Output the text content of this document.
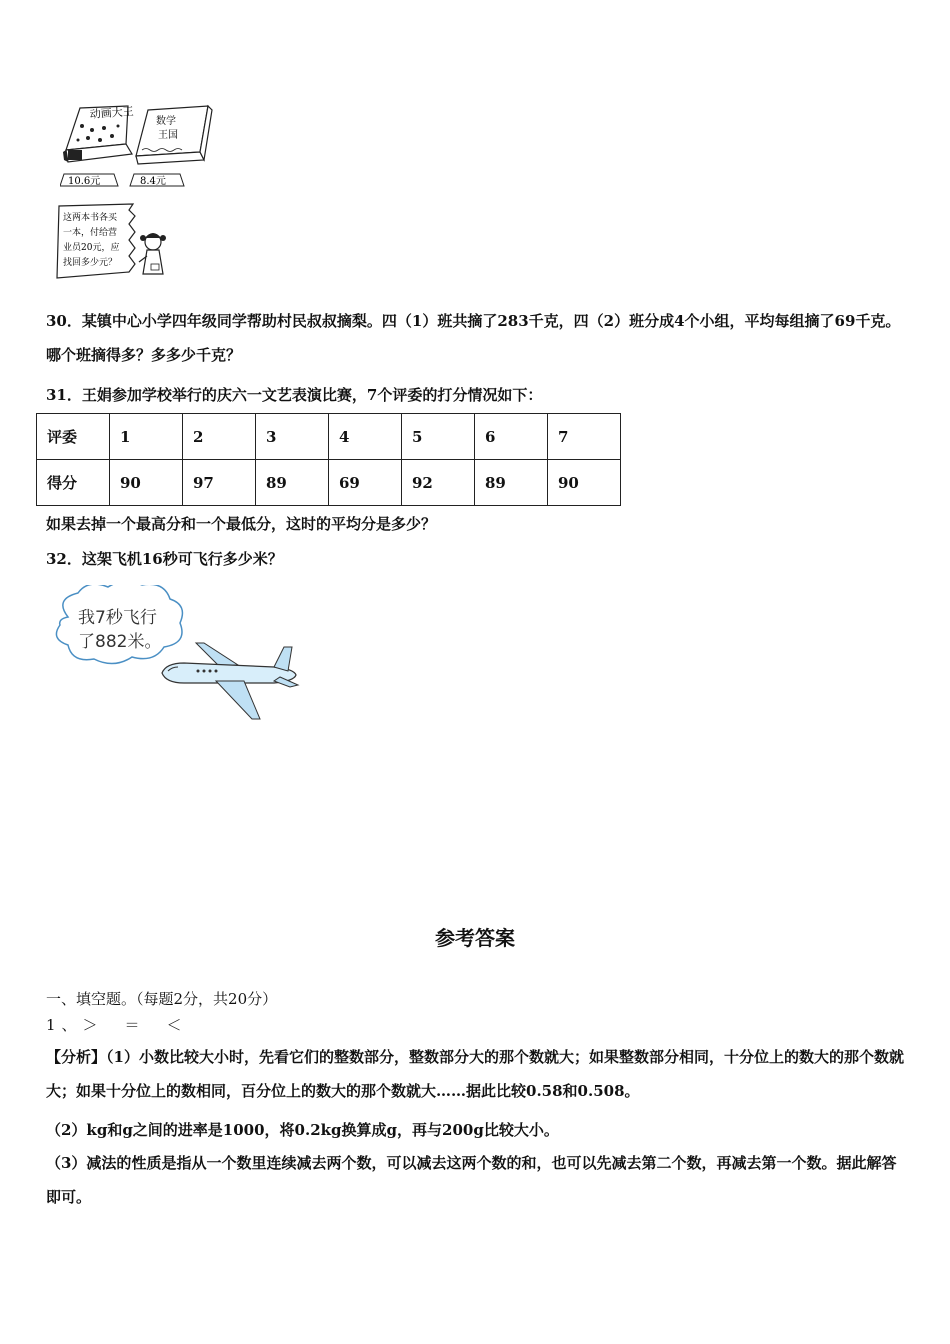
动画大王
数学
王国
10.6元	8.4元
这两本书各买
一本，付给营
业员20元，应
找回多少元？
30．某镇中心小学四年级同学帮助村民叔叔摘梨。四（1）班共摘了283千克，四（2）班分成4个小组，平均每组摘了69千克。哪个班摘得多？多多少千克？
31．王娟参加学校举行的庆六一文艺表演比赛，7个评委的打分情况如下：
评委	1	2	3	4	5	6	7
得分	90	97	89	69	92	89	90
如果去掉一个最高分和一个最低分，这时的平均分是多少？
32．这架飞机16秒可飞行多少米？
我7秒飞行
了882米。
参考答案
一、填空题。（每题2分，共20分）
1、＞　＝　＜
【分析】（1）小数比较大小时，先看它们的整数部分，整数部分大的那个数就大；如果整数部分相同，十分位上的数大的那个数就大；如果十分位上的数相同，百分位上的数大的那个数就大……据此比较0.58和0.508。
（2）kg和g之间的进率是1000，将0.2kg换算成g，再与200g比较大小。
（3）减法的性质是指从一个数里连续减去两个数，可以减去这两个数的和，也可以先减去第二个数，再减去第一个数。据此解答即可。
